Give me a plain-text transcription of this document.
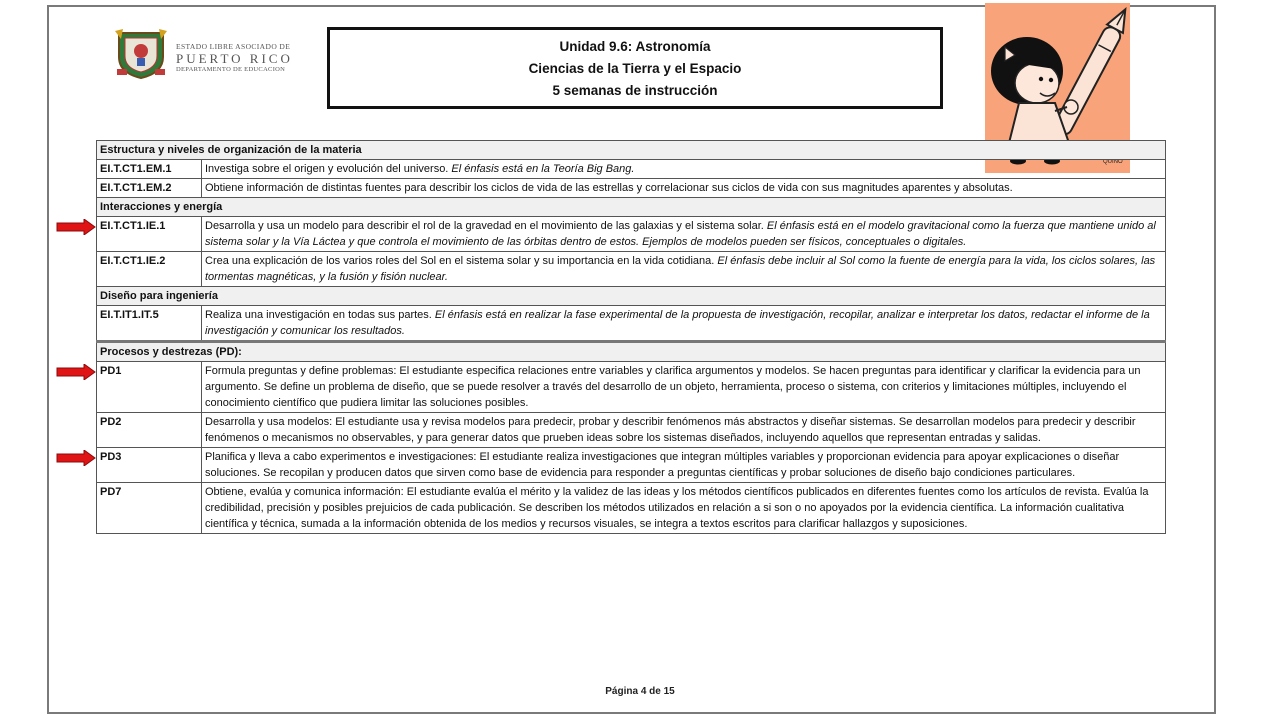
ESTADO LIBRE ASOCIADO DE
PUERTO RICO
DEPARTAMENTO DE EDUCACION
Unidad 9.6: Astronomía
Ciencias de la Tierra y el Espacio
5 semanas de instrucción
QUINO
Estructura y niveles de organización de la materia	
EI.T.CT1.EM.1	Investiga sobre el origen y evolución del universo. El énfasis está en la Teoría Big Bang.
EI.T.CT1.EM.2	Obtiene información de distintas fuentes para describir los ciclos de vida de las estrellas y correlacionar sus ciclos de vida con sus magnitudes aparentes y absolutas.
Interacciones y energía	
EI.T.CT1.IE.1	Desarrolla y usa un modelo para describir el rol de la gravedad en el movimiento de las galaxias y el sistema solar. El énfasis está en el modelo gravitacional como la fuerza que mantiene unido al sistema solar y la Vía Láctea y que controla el movimiento de las órbitas dentro de estos. Ejemplos de modelos pueden ser físicos, conceptuales o digitales.
EI.T.CT1.IE.2	Crea una explicación de los varios roles del Sol en el sistema solar y su importancia en la vida cotidiana. El énfasis debe incluir al Sol como la fuente de energía para la vida, los ciclos solares, las tormentas magnéticas, y la fusión y fisión nuclear.
Diseño para ingeniería	
EI.T.IT1.IT.5	Realiza una investigación en todas sus partes. El énfasis está en realizar la fase experimental de la propuesta de investigación, recopilar, analizar e interpretar los datos, redactar el informe de la investigación y comunicar los resultados.
Procesos y destrezas (PD):	
PD1	Formula preguntas y define problemas: El estudiante especifica relaciones entre variables y clarifica argumentos y modelos. Se hacen preguntas para identificar y clarificar la evidencia para un argumento. Se define un problema de diseño, que se puede resolver a través del desarrollo de un objeto, herramienta, proceso o sistema, con criterios y limitaciones múltiples, incluyendo el conocimiento científico que pudiera limitar las soluciones posibles.
PD2	Desarrolla y usa modelos: El estudiante usa y revisa modelos para predecir, probar y describir fenómenos más abstractos y diseñar sistemas. Se desarrollan modelos para predecir y describir fenómenos o mecanismos no observables, y para generar datos que prueben ideas sobre los sistemas diseñados, incluyendo aquellos que representan entradas y salidas.
PD3	Planifica y lleva a cabo experimentos e investigaciones: El estudiante realiza investigaciones que integran múltiples variables y proporcionan evidencia para apoyar explicaciones o diseñar soluciones. Se recopilan y producen datos que sirven como base de evidencia para responder a preguntas científicas y probar soluciones de diseño bajo condiciones particulares.
PD7	Obtiene, evalúa y comunica información: El estudiante evalúa el mérito y la validez de las ideas y los métodos científicos publicados en diferentes fuentes como los artículos de revista. Evalúa la credibilidad, precisión y posibles prejuicios de cada publicación. Se describen los métodos utilizados en relación a si son o no apoyados por la evidencia científica. La información cualitativa científica y técnica, sumada a la información obtenida de los medios y recursos visuales, se integra a textos escritos para clarificar hallazgos y suposiciones.
Página 4 de 15
